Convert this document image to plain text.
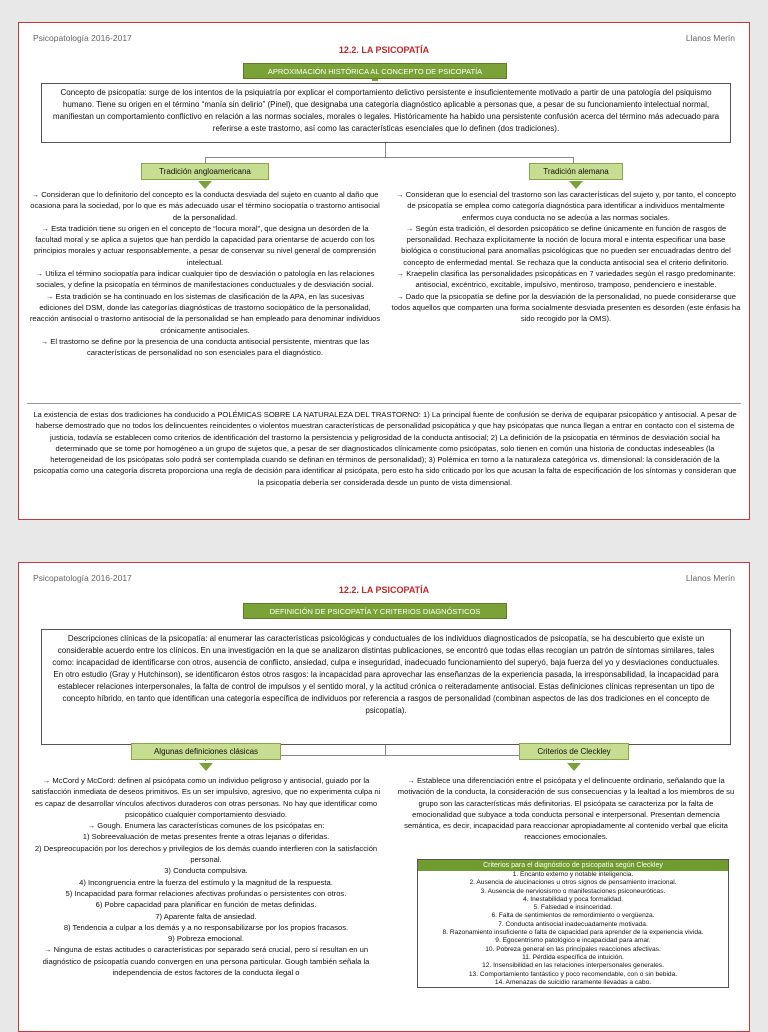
Psicopatología 2016-2017	Llanos Merín
12.2. LA PSICOPATÍA
APROXIMACIÓN HISTÓRICA AL CONCEPTO DE PSICOPATÍA
Concepto de psicopatía: surge de los intentos de la psiquiatría por explicar el comportamiento delictivo persistente e insuficientemente motivado a partir de una patología del psiquismo humano. Tiene su origen en el término “manía sin delirio” (Pinel), que designaba una categoría diagnóstico aplicable a personas que, a pesar de su funcionamiento intelectual normal, manifiestan un comportamiento conflictivo en relación a las normas sociales, morales o legales. Históricamente ha habido una persistente confusión acerca del término más adecuado para referirse a este trastorno, así como las características esenciales que lo definen (dos tradiciones).
Tradición angloamericana	Tradición alemana

→ Consideran que lo definitorio del concepto es la conducta desviada del sujeto en cuanto al daño que ocasiona para la sociedad, por lo que es más adecuado usar el término sociopatía o trastorno antisocial de la personalidad.

→ Esta tradición tiene su origen en el concepto de “locura moral”, que designa un desorden de la facultad moral y se aplica a sujetos que han perdido la capacidad para orientarse de acuerdo con los principios morales y actuar responsablemente, a pesar de conservar su nivel general de comprensión intelectual.

→ Utiliza el término sociopatía para indicar cualquier tipo de desviación o patología en las relaciones sociales, y define la psicopatía en términos de manifestaciones conductuales y de desviación social.

→ Esta tradición se ha continuado en los sistemas de clasificación de la APA, en las sucesivas ediciones del DSM, donde las categorías diagnósticas de trastorno sociopático de la personalidad, reacción antisocial o trastorno antisocial de la personalidad se han empleado para denominar individuos crónicamente antisociales.

→ El trastorno se define por la presencia de una conducta antisocial persistente, mientras que las características de personalidad no son esenciales para el diagnóstico.

→ Consideran que lo esencial del trastorno son las características del sujeto y, por tanto, el concepto de psicopatía se emplea como categoría diagnóstica para identificar a individuos mentalmente enfermos cuya conducta no se adecúa a las normas sociales.

→ Según esta tradición, el desorden psicopático se define únicamente en función de rasgos de personalidad. Rechaza explícitamente la noción de locura moral e intenta especificar una base biológica o constitucional para anomalías psicológicas que no pueden ser encuadradas dentro del concepto de enfermedad mental. Se rechaza que la conducta antisocial sea el criterio definitorio.

→ Kraepelin clasifica las personalidades psicopáticas en 7 variedades según el rasgo predominante: antisocial, excéntrico, excitable, impulsivo, mentiroso, tramposo, pendenciero e inestable.

→ Dado que la psicopatía se define por la desviación de la personalidad, no puede considerarse que todos aquellos que comparten una forma socialmente desviada presenten es desorden (este énfasis ha sido recogido por la OMS).

La existencia de estas dos tradiciones ha conducido a POLÉMICAS SOBRE LA NATURALEZA DEL TRASTORNO: 1) La principal fuente de confusión se deriva de equiparar psicopático y antisocial. A pesar de haberse demostrado que no todos los delincuentes reincidentes o violentos muestran características de personalidad psicopática y que hay psicópatas que nunca llegan a entrar en contacto con el sistema de justicia, todavía se establecen como criterios de identificación del trastorno la persistencia y peligrosidad de la conducta antisocial; 2) La definición de la psicopatía en términos de desviación social ha determinado que se tome por homogéneo a un grupo de sujetos que, a pesar de ser diagnosticados clínicamente como psicópatas, solo tienen en común una historia de conductas indeseables (la heterogeneidad de los psicópatas solo podrá ser contemplada cuando se definan en términos de personalidad); 3) Polémica en torno a la naturaleza categórica vs. dimensional: la consideración de la psicopatía como una categoría discreta proporciona una regla de decisión para identificar al psicópata, pero esto ha sido criticado por los que acusan la falta de especificación de los síntomas y consideran que la psicopatía debería ser considerada desde un punto de vista dimensional.
Psicopatología 2016-2017	Llanos Merín
12.2. LA PSICOPATÍA
DEFINICIÓN DE PSICOPATÍA Y CRITERIOS DIAGNÓSTICOS
Descripciones clínicas de la psicopatía: al enumerar las características psicológicas y conductuales de los individuos diagnosticados de psicopatía, se ha descubierto que existe un considerable acuerdo entre los clínicos. En una investigación en la que se analizaron distintas publicaciones, se encontró que todas ellas recogían un patrón de síntomas similares, tales como: incapacidad de identificarse con otros, ausencia de conflicto, ansiedad, culpa e inseguridad, inadecuado funcionamiento del superyó, baja fuerza del yo y desviaciones conductuales. En otro estudio (Gray y Hutchinson), se identificaron éstos otros rasgos: la incapacidad para aprovechar las enseñanzas de la experiencia pasada, la irresponsabilidad, la incapacidad para establecer relaciones interpersonales, la falta de control de impulsos y el sentido moral, y la actitud crónica o reiteradamente antisocial. Estas definiciones clínicas representan un tipo de concepto híbrido, en tanto que identifican una categoría específica de individuos por referencia a rasgos de personalidad (combinan aspectos de las dos tradiciones en el concepto de psicopatía).
Algunas definiciones clásicas	Criterios de Cleckley

→ McCord y McCord: definen al psicópata como un individuo peligroso y antisocial, guiado por la satisfacción inmediata de deseos primitivos. Es un ser impulsivo, agresivo, que no experimenta culpa ni es capaz de desarrollar vínculos afectivos duraderos con otras personas. No hay que identificar como psicopático cualquier comportamiento desviado.

→ Gough. Enumera las características comunes de los psicópatas en:

1) Sobreevaluación de metas presentes frente a otras lejanas o diferidas.

2) Despreocupación por los derechos y privilegios de los demás cuando interfieren con la satisfacción personal.

3) Conducta compulsiva.

4) Incongruencia entre la fuerza del estímulo y la magnitud de la respuesta.

5) Incapacidad para formar relaciones afectivas profundas o persistentes con otros.

6) Pobre capacidad para planificar en función de metas definidas.

7) Aparente falta de ansiedad.

8) Tendencia a culpar a los demás y a no responsabilizarse por los propios fracasos.

9) Pobreza emocional.

→ Ninguna de estas actitudes o características por separado será crucial, pero sí resultan en un diagnóstico de psicopatía cuando convergen en una persona particular. Gough también señala la independencia de estos factores de la conducta ilegal o

→ Establece una diferenciación entre el psicópata y el delincuente ordinario, señalando que la motivación de la conducta, la consideración de sus consecuencias y la lealtad a los miembros de su grupo son las características más definitorias. El psicópata se caracteriza por la falta de emocionalidad que subyace a toda conducta personal e interpersonal. Presentan demencia semántica, es decir, incapacidad para reaccionar apropiadamente al contenido verbal que elicita reacciones emocionales.

Criterios para el diagnóstico de psicopatía según Cleckley
1. Encanto externo y notable inteligencia.
2. Ausencia de alucinaciones u otros signos de pensamiento irracional.
3. Ausencia de nerviosismo o manifestaciones psiconeuróticas.
4. Inestabilidad y poca formalidad.
5. Falsedad e insinceridad.
6. Falta de sentimientos de remordimiento o vergüenza.
7. Conducta antisocial inadecuadamente motivada.
8. Razonamiento insuficiente o falta de capacidad para aprender de la experiencia vivida.
9. Egocentrismo patológico e incapacidad para amar.
10. Pobreza general en las principales reacciones afectivas.
11. Pérdida específica de intuición.
12. Insensibilidad en las relaciones interpersonales generales.
13. Comportamiento fantástico y poco recomendable, con o sin bebida.
14. Amenazas de suicidio raramente llevadas a cabo.
